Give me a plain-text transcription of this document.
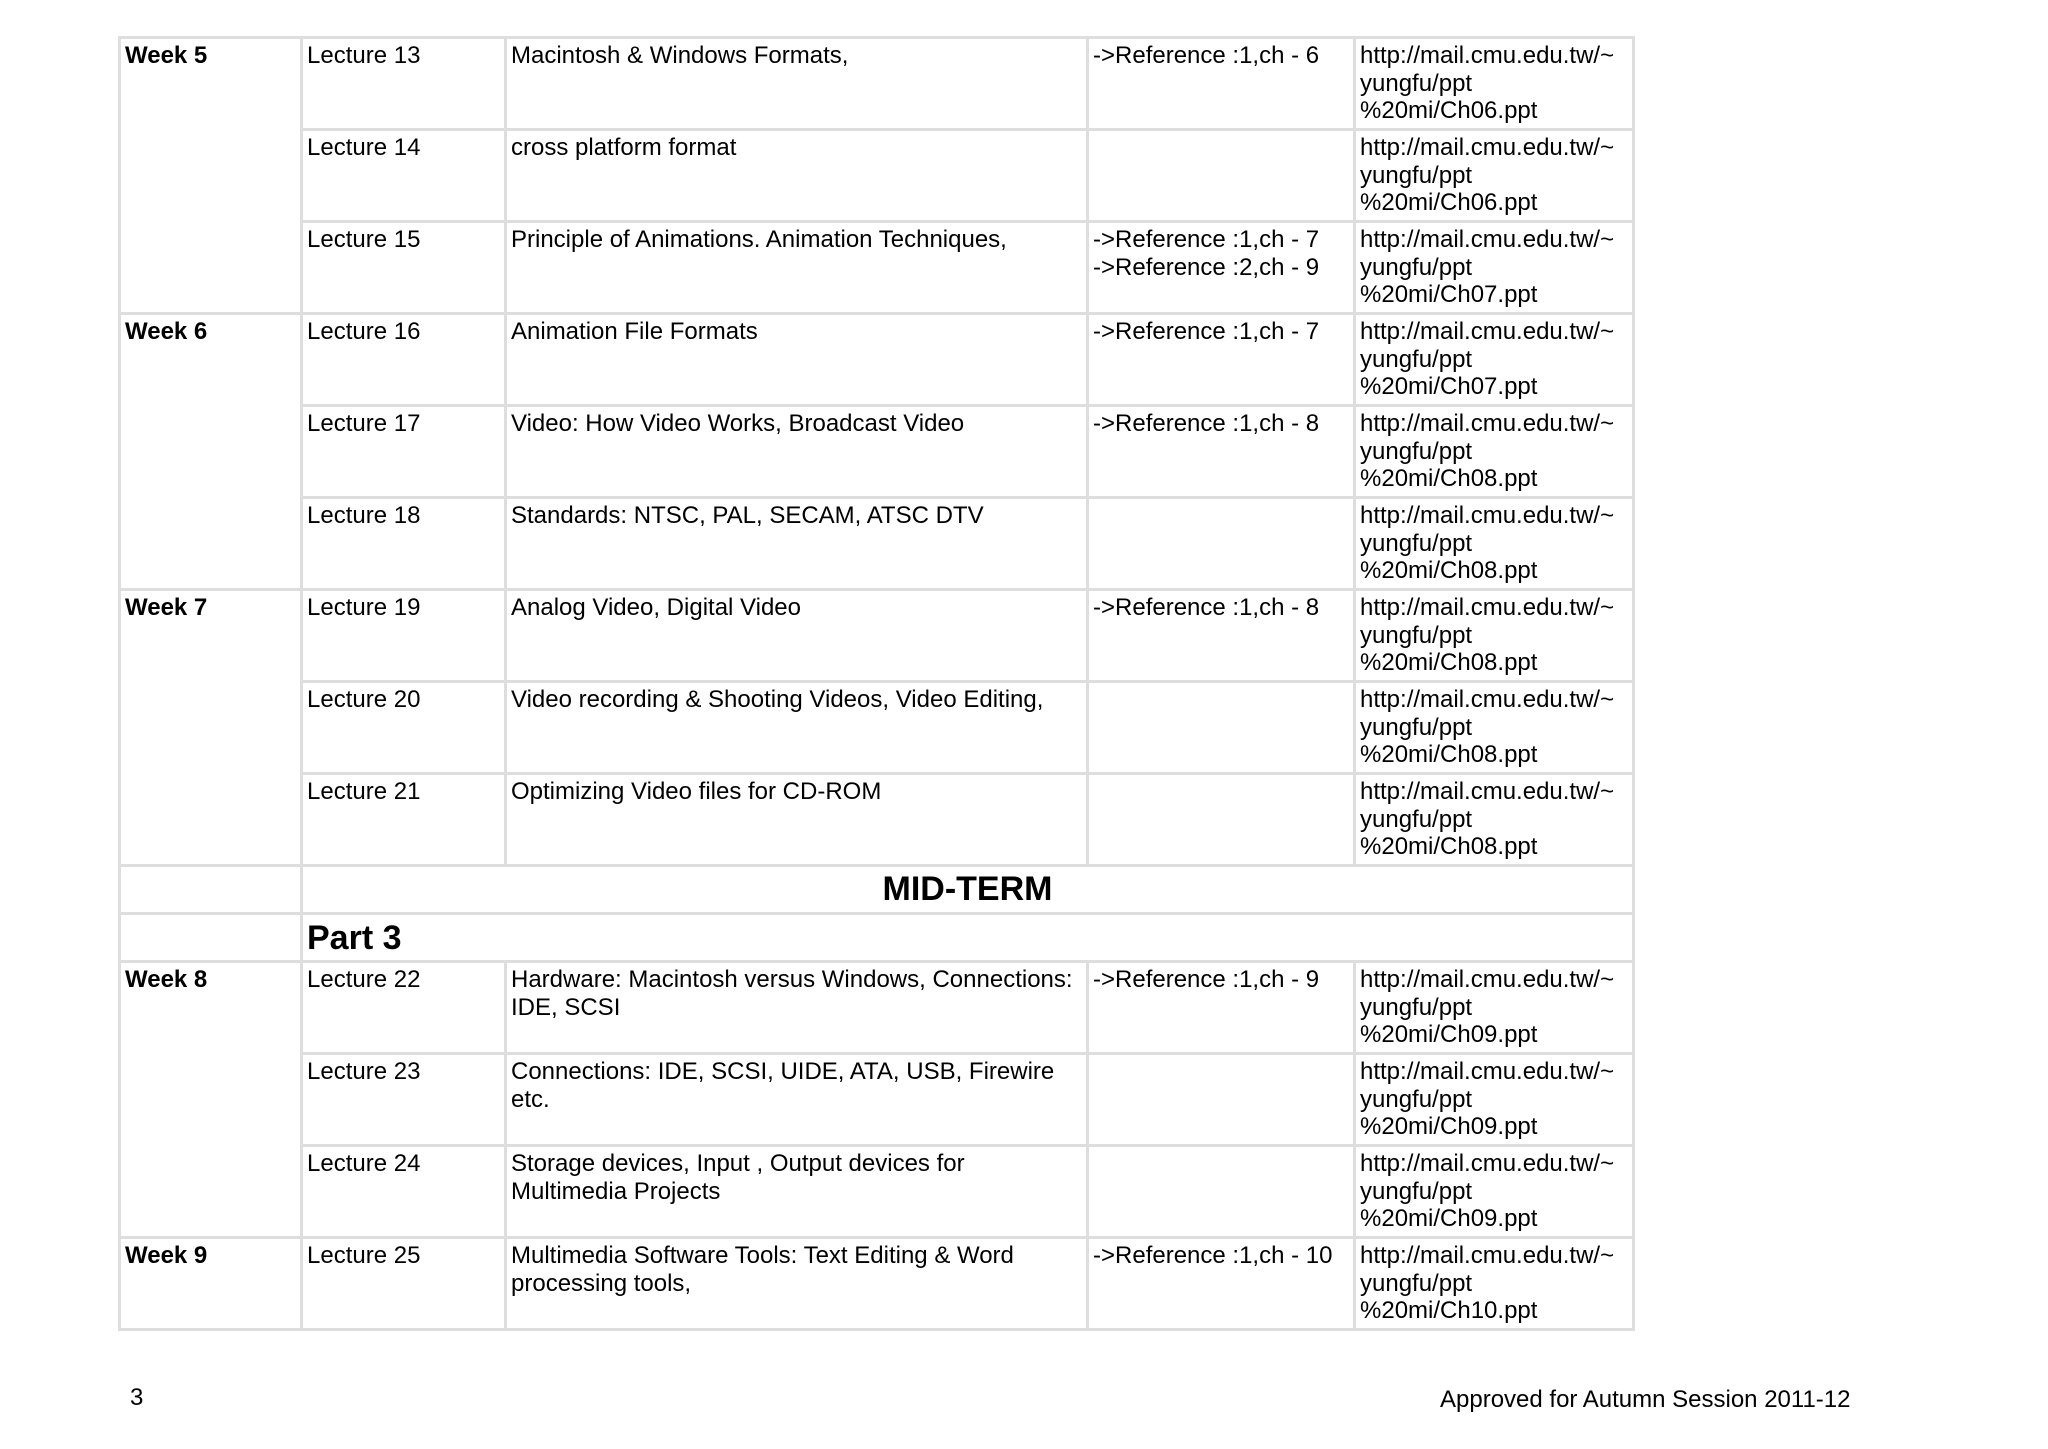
Week 5	Lecture 13	Macintosh & Windows Formats,	->Reference :1,ch - 6	http://mail.cmu.edu.tw/~
yungfu/ppt
%20mi/Ch06.ppt
	Lecture 14	cross platform format		http://mail.cmu.edu.tw/~
yungfu/ppt
%20mi/Ch06.ppt
	Lecture 15	Principle of Animations. Animation Techniques,	->Reference :1,ch - 7
->Reference :2,ch - 9	http://mail.cmu.edu.tw/~
yungfu/ppt
%20mi/Ch07.ppt
Week 6	Lecture 16	Animation File Formats	->Reference :1,ch - 7	http://mail.cmu.edu.tw/~
yungfu/ppt
%20mi/Ch07.ppt
	Lecture 17	Video: How Video Works, Broadcast Video	->Reference :1,ch - 8	http://mail.cmu.edu.tw/~
yungfu/ppt
%20mi/Ch08.ppt
	Lecture 18	Standards: NTSC, PAL, SECAM, ATSC DTV		http://mail.cmu.edu.tw/~
yungfu/ppt
%20mi/Ch08.ppt
Week 7	Lecture 19	Analog Video, Digital Video	->Reference :1,ch - 8	http://mail.cmu.edu.tw/~
yungfu/ppt
%20mi/Ch08.ppt
	Lecture 20	Video recording & Shooting Videos, Video Editing,		http://mail.cmu.edu.tw/~
yungfu/ppt
%20mi/Ch08.ppt
	Lecture 21	Optimizing Video files for CD-ROM		http://mail.cmu.edu.tw/~
yungfu/ppt
%20mi/Ch08.ppt
	MID-TERM			
	Part 3			
Week 8	Lecture 22	Hardware: Macintosh versus Windows, Connections: IDE, SCSI	->Reference :1,ch - 9	http://mail.cmu.edu.tw/~
yungfu/ppt
%20mi/Ch09.ppt
	Lecture 23	Connections: IDE, SCSI, UIDE, ATA, USB, Firewire etc.		http://mail.cmu.edu.tw/~
yungfu/ppt
%20mi/Ch09.ppt
	Lecture 24	Storage devices, Input , Output devices for Multimedia Projects		http://mail.cmu.edu.tw/~
yungfu/ppt
%20mi/Ch09.ppt
Week 9	Lecture 25	Multimedia Software Tools: Text Editing & Word processing tools,	->Reference :1,ch - 10	http://mail.cmu.edu.tw/~
yungfu/ppt
%20mi/Ch10.ppt
3	Approved for Autumn Session 2011-12
